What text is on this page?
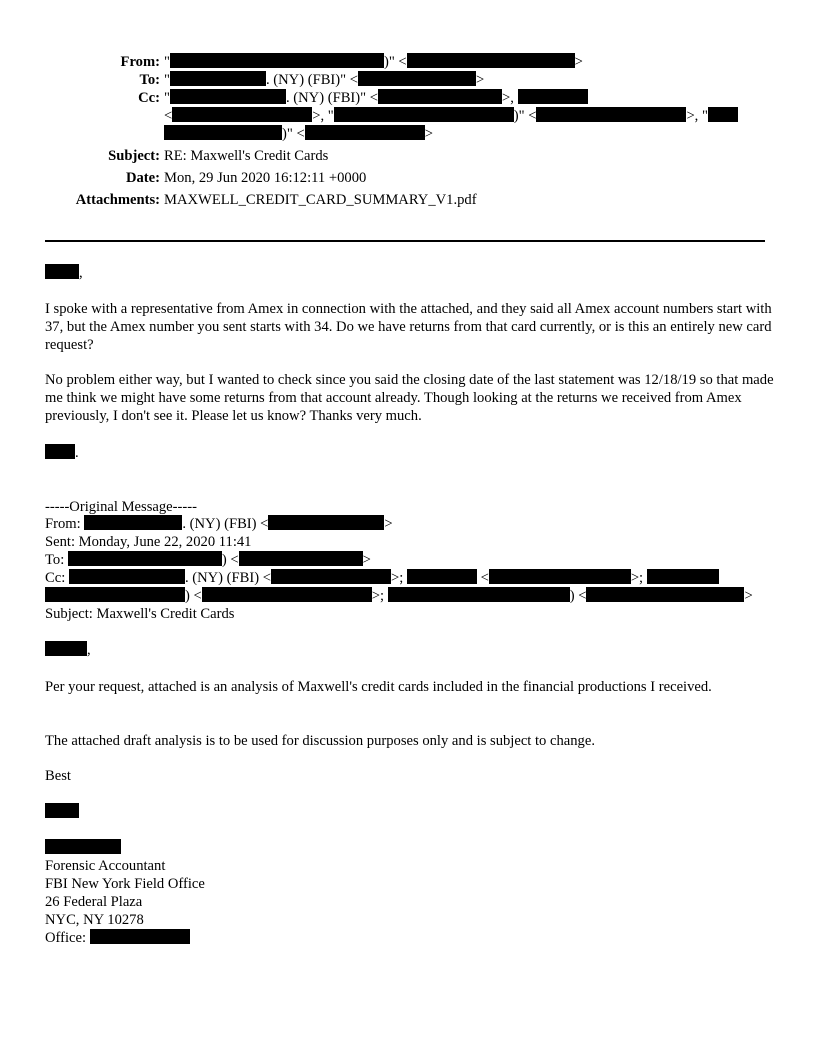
From: "	)" <	>
To: "	. (NY) (FBI)" <	>
Cc: "	. (NY) (FBI)" <	>,
<	>, "	)" <	>, "
)" <	>
Subject: RE: Maxwell's Credit Cards
Date: Mon, 29 Jun 2020 16:12:11 +0000
Attachments: MAXWELL_CREDIT_CARD_SUMMARY_V1.pdf
,

I spoke with a representative from Amex in connection with the attached, and they said all Amex account numbers start with 37, but the Amex number you sent starts with 34. Do we have returns from that card currently, or is this an entirely new card request?

No problem either way, but I wanted to check since you said the closing date of the last statement was 12/18/19 so that made me think we might have some returns from that account already. Though looking at the returns we received from Amex previously, I don't see it. Please let us know? Thanks very much.

.
-----Original Message-----
From:	. (NY) (FBI) <	>
Sent: Monday, June 22, 2020 11:41
To:	) <	>
Cc:	. (NY) (FBI) <	>;	<	>;
) <	>;	) <	>
Subject: Maxwell's Credit Cards
,

Per your request, attached is an analysis of Maxwell's credit cards included in the financial productions I received.

The attached draft analysis is to be used for discussion purposes only and is subject to change.
Best
Forensic Accountant
FBI New York Field Office
26 Federal Plaza
NYC, NY 10278
Office:
